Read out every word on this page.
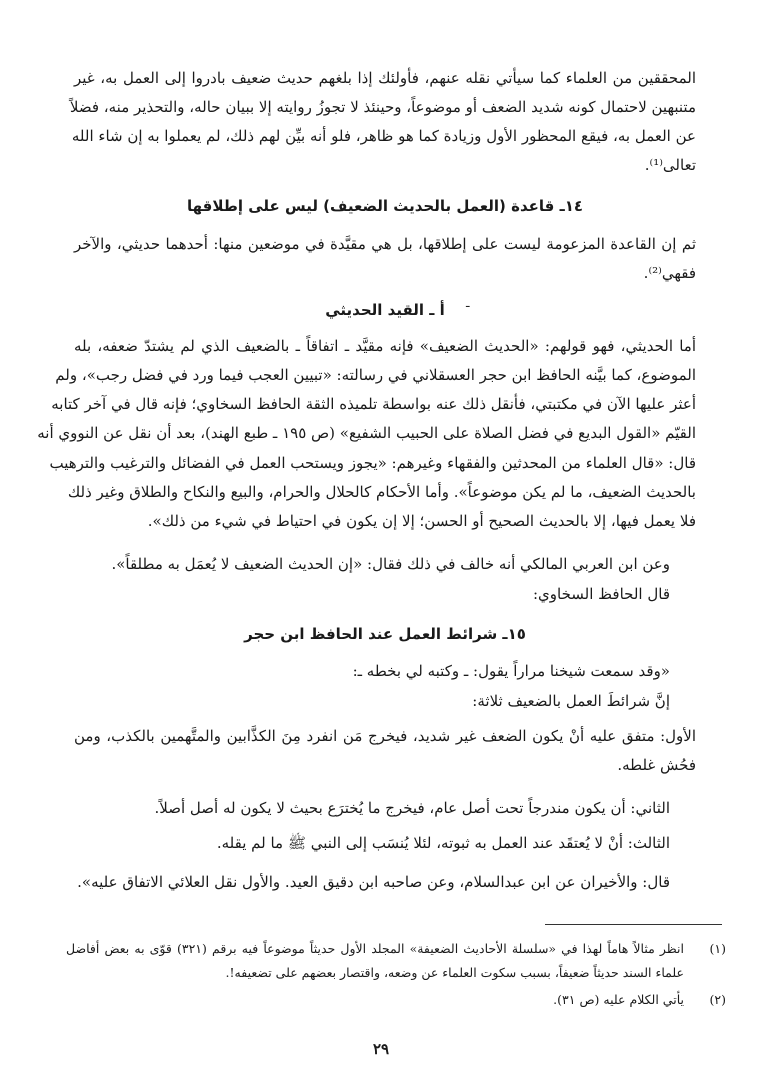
المحققين من العلماء كما سيأتي نقله عنهم، فأولئك إذا بلغهم حديث ضعيف بادروا إلى العمل به، غير
متنبهين لاحتمال كونه شديد الضعف أو موضوعاً، وحينئذ لا تجوزُ روايته إلا ببيان حاله، والتحذير منه، فضلاً
عن العمل به، فيقع المحظور الأول وزيادة كما هو ظاهر، فلو أنه بيِّن لهم ذلك، لم يعملوا به إن شاء الله
تعالى⁽¹⁾.
١٤ـ قاعدة (العمل بالحديث الضعيف) ليس على إطلاقها
ثم إن القاعدة المزعومة ليست على إطلاقها، بل هي مقيَّدة في موضعين منها: أحدهما حديثي، والآخر
فقهي⁽²⁾.
أ ـ القيد الحديثي	ـ
أما الحديثي، فهو قولهم: «الحديث الضعيف» فإنه مقيَّد ـ اتفاقاً ـ بالضعيف الذي لم يشتدّ ضعفه، بله
الموضوع، كما بيَّنه الحافظ ابن حجر العسقلاني في رسالته: «تبيين العجب فيما ورد في فضل رجب»، ولم
أعثر عليها الآن في مكتبتي، فأنقل ذلك عنه بواسطة تلميذه الثقة الحافظ السخاوي؛ فإنه قال في آخر كتابه
القيّم «القول البديع في فضل الصلاة على الحبيب الشفيع» (ص ١٩٥ ـ طبع الهند)، بعد أن نقل عن النووي أنه
قال: «قال العلماء من المحدثين والفقهاء وغيرهم: «يجوز ويستحب العمل في الفضائل والترغيب والترهيب
بالحديث الضعيف، ما لم يكن موضوعاً». وأما الأحكام كالحلال والحرام، والبيع والنكاح والطلاق وغير ذلك
فلا يعمل فيها، إلا بالحديث الصحيح أو الحسن؛ إلا إن يكون في احتياط في شيء من ذلك».
وعن ابن العربي المالكي أنه خالف في ذلك فقال: «إن الحديث الضعيف لا يُعمَل به مطلقاً».
قال الحافظ السخاوي:
١٥ـ شرائط العمل عند الحافظ ابن حجر
«وقد سمعت شيخنا مراراً يقول: ـ وكتبه لي بخطه ـ:
إنَّ شرائطَ العمل بالضعيف ثلاثة:
الأول: متفق عليه أنْ يكون الضعف غير شديد، فيخرج مَن انفرد مِنَ الكذَّابين والمتَّهمين بالكذب، ومن
فحُش غلطه.
الثاني: أن يكون مندرجاً تحت أصل عام، فيخرج ما يُخترَع بحيث لا يكون له أصل أصلاً.
الثالث: أنْ لا يُعتقَد عند العمل به ثبوته، لئلا يُنسَب إلى النبي ﷺ ما لم يقله.
قال: والأخيران عن ابن عبدالسلام، وعن صاحبه ابن دقيق العيد. والأول نقل العلائي الاتفاق عليه».
(١)
انظر مثالاً هاماً لهذا في «سلسلة الأحاديث الضعيفة» المجلد الأول حديثاً موضوعاً فيه برقم (٣٢١) قوّى به بعض أفاضل
علماء السند حديثاً ضعيفاً، بسبب سكوت العلماء عن وضعه، واقتصار بعضهم على تضعيفه!.
(٢)
يأتي الكلام عليه (ص ٣١).
٢٩
